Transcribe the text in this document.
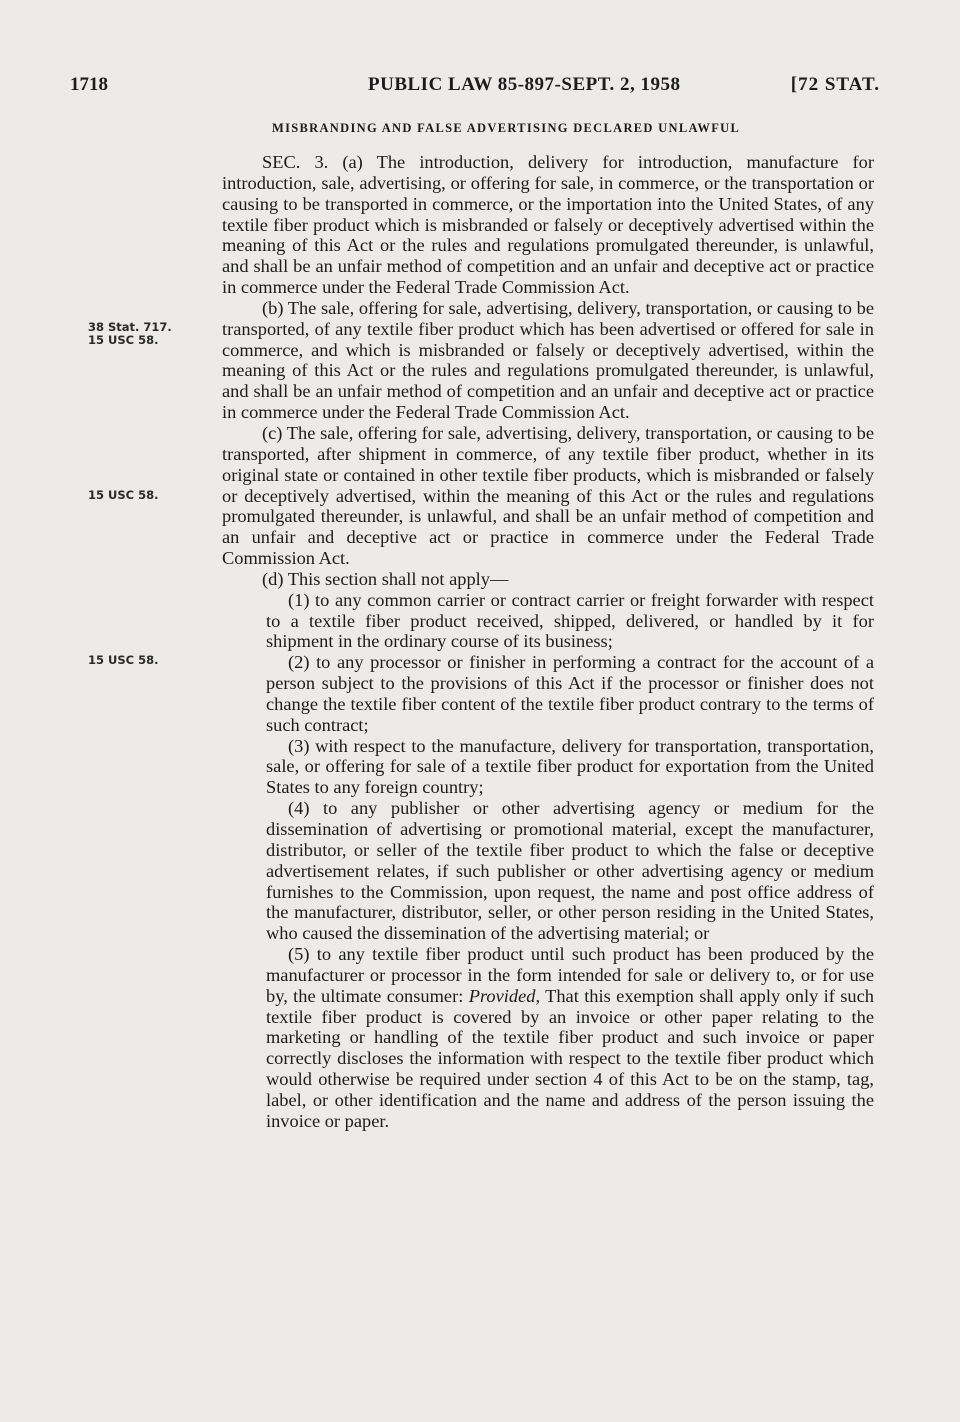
1718	PUBLIC LAW 85-897-SEPT. 2, 1958	[72 STAT.
MISBRANDING AND FALSE ADVERTISING DECLARED UNLAWFUL
38 Stat. 717.
15 USC 58.
15 USC 58.
15 USC 58.

SEC. 3. (a) The introduction, delivery for introduction, manufacture for introduction, sale, advertising, or offering for sale, in commerce, or the transportation or causing to be transported in commerce, or the importation into the United States, of any textile fiber product which is misbranded or falsely or deceptively advertised within the meaning of this Act or the rules and regulations promulgated thereunder, is unlawful, and shall be an unfair method of competition and an unfair and deceptive act or practice in commerce under the Federal Trade Commission Act.

(b) The sale, offering for sale, advertising, delivery, transportation, or causing to be transported, of any textile fiber product which has been advertised or offered for sale in commerce, and which is misbranded or falsely or deceptively advertised, within the meaning of this Act or the rules and regulations promulgated thereunder, is unlawful, and shall be an unfair method of competition and an unfair and deceptive act or practice in commerce under the Federal Trade Commission Act.

(c) The sale, offering for sale, advertising, delivery, transportation, or causing to be transported, after shipment in commerce, of any textile fiber product, whether in its original state or contained in other textile fiber products, which is misbranded or falsely or deceptively advertised, within the meaning of this Act or the rules and regulations promulgated thereunder, is unlawful, and shall be an unfair method of competition and an unfair and deceptive act or practice in commerce under the Federal Trade Commission Act.

(d) This section shall not apply—

(1) to any common carrier or contract carrier or freight forwarder with respect to a textile fiber product received, shipped, delivered, or handled by it for shipment in the ordinary course of its business;

(2) to any processor or finisher in performing a contract for the account of a person subject to the provisions of this Act if the processor or finisher does not change the textile fiber content of the textile fiber product contrary to the terms of such contract;

(3) with respect to the manufacture, delivery for transportation, transportation, sale, or offering for sale of a textile fiber product for exportation from the United States to any foreign country;

(4) to any publisher or other advertising agency or medium for the dissemination of advertising or promotional material, except the manufacturer, distributor, or seller of the textile fiber product to which the false or deceptive advertisement relates, if such publisher or other advertising agency or medium furnishes to the Commission, upon request, the name and post office address of the manufacturer, distributor, seller, or other person residing in the United States, who caused the dissemination of the advertising material; or

(5) to any textile fiber product until such product has been produced by the manufacturer or processor in the form intended for sale or delivery to, or for use by, the ultimate consumer: Provided, That this exemption shall apply only if such textile fiber product is covered by an invoice or other paper relating to the marketing or handling of the textile fiber product and such invoice or paper correctly discloses the information with respect to the textile fiber product which would otherwise be required under section 4 of this Act to be on the stamp, tag, label, or other identification and the name and address of the person issuing the invoice or paper.
